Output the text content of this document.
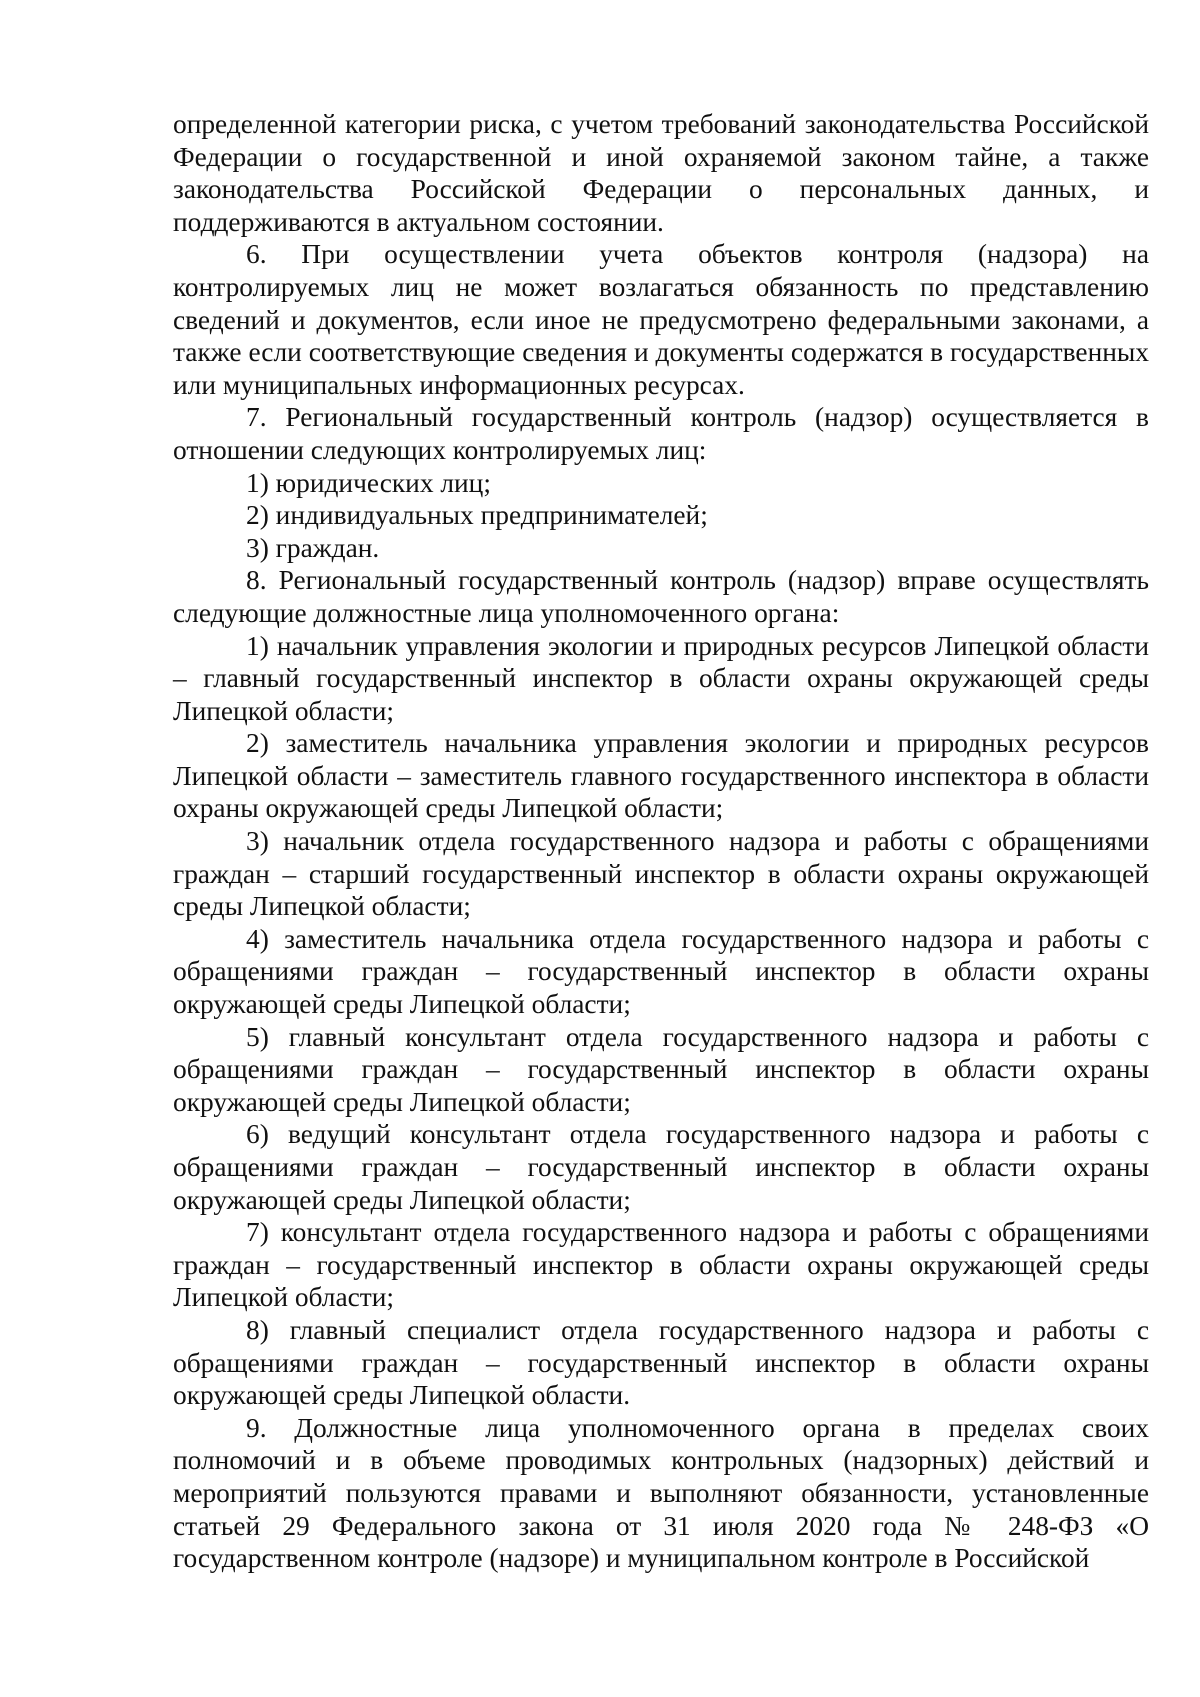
определенной категории риска, с учетом требований законодательства Российской Федерации о государственной и иной охраняемой законом тайне, а также законодательства Российской Федерации о персональных данных, и поддерживаются в актуальном состоянии.

6. При осуществлении учета объектов контроля (надзора) на контролируемых лиц не может возлагаться обязанность по представлению сведений и документов, если иное не предусмотрено федеральными законами, а также если соответствующие сведения и документы содержатся в государственных или муниципальных информационных ресурсах.

7. Региональный государственный контроль (надзор) осуществляется в отношении следующих контролируемых лиц:

1) юридических лиц;

2) индивидуальных предпринимателей;

3) граждан.

8. Региональный государственный контроль (надзор) вправе осуществлять следующие должностные лица уполномоченного органа:

1) начальник управления экологии и природных ресурсов Липецкой области – главный государственный инспектор в области охраны окружающей среды Липецкой области;

2) заместитель начальника управления экологии и природных ресурсов Липецкой области – заместитель главного государственного инспектора в области охраны окружающей среды Липецкой области;

3) начальник отдела государственного надзора и работы с обращениями граждан – старший государственный инспектор в области охраны окружающей среды Липецкой области;

4) заместитель начальника отдела государственного надзора и работы с обращениями граждан – государственный инспектор в области охраны окружающей среды Липецкой области;

5) главный консультант отдела государственного надзора и работы с обращениями граждан – государственный инспектор в области охраны окружающей среды Липецкой области;

6) ведущий консультант отдела государственного надзора и работы с обращениями граждан – государственный инспектор в области охраны окружающей среды Липецкой области;

7) консультант отдела государственного надзора и работы с обращениями граждан – государственный инспектор в области охраны окружающей среды Липецкой области;

8) главный специалист отдела государственного надзора и работы с обращениями граждан – государственный инспектор в области охраны окружающей среды Липецкой области.

9. Должностные лица уполномоченного органа в пределах своих полномочий и в объеме проводимых контрольных (надзорных) действий и мероприятий пользуются правами и выполняют обязанности, установленные статьей 29 Федерального закона от 31 июля 2020 года № 248-ФЗ «О государственном контроле (надзоре) и муниципальном контроле в Российской
